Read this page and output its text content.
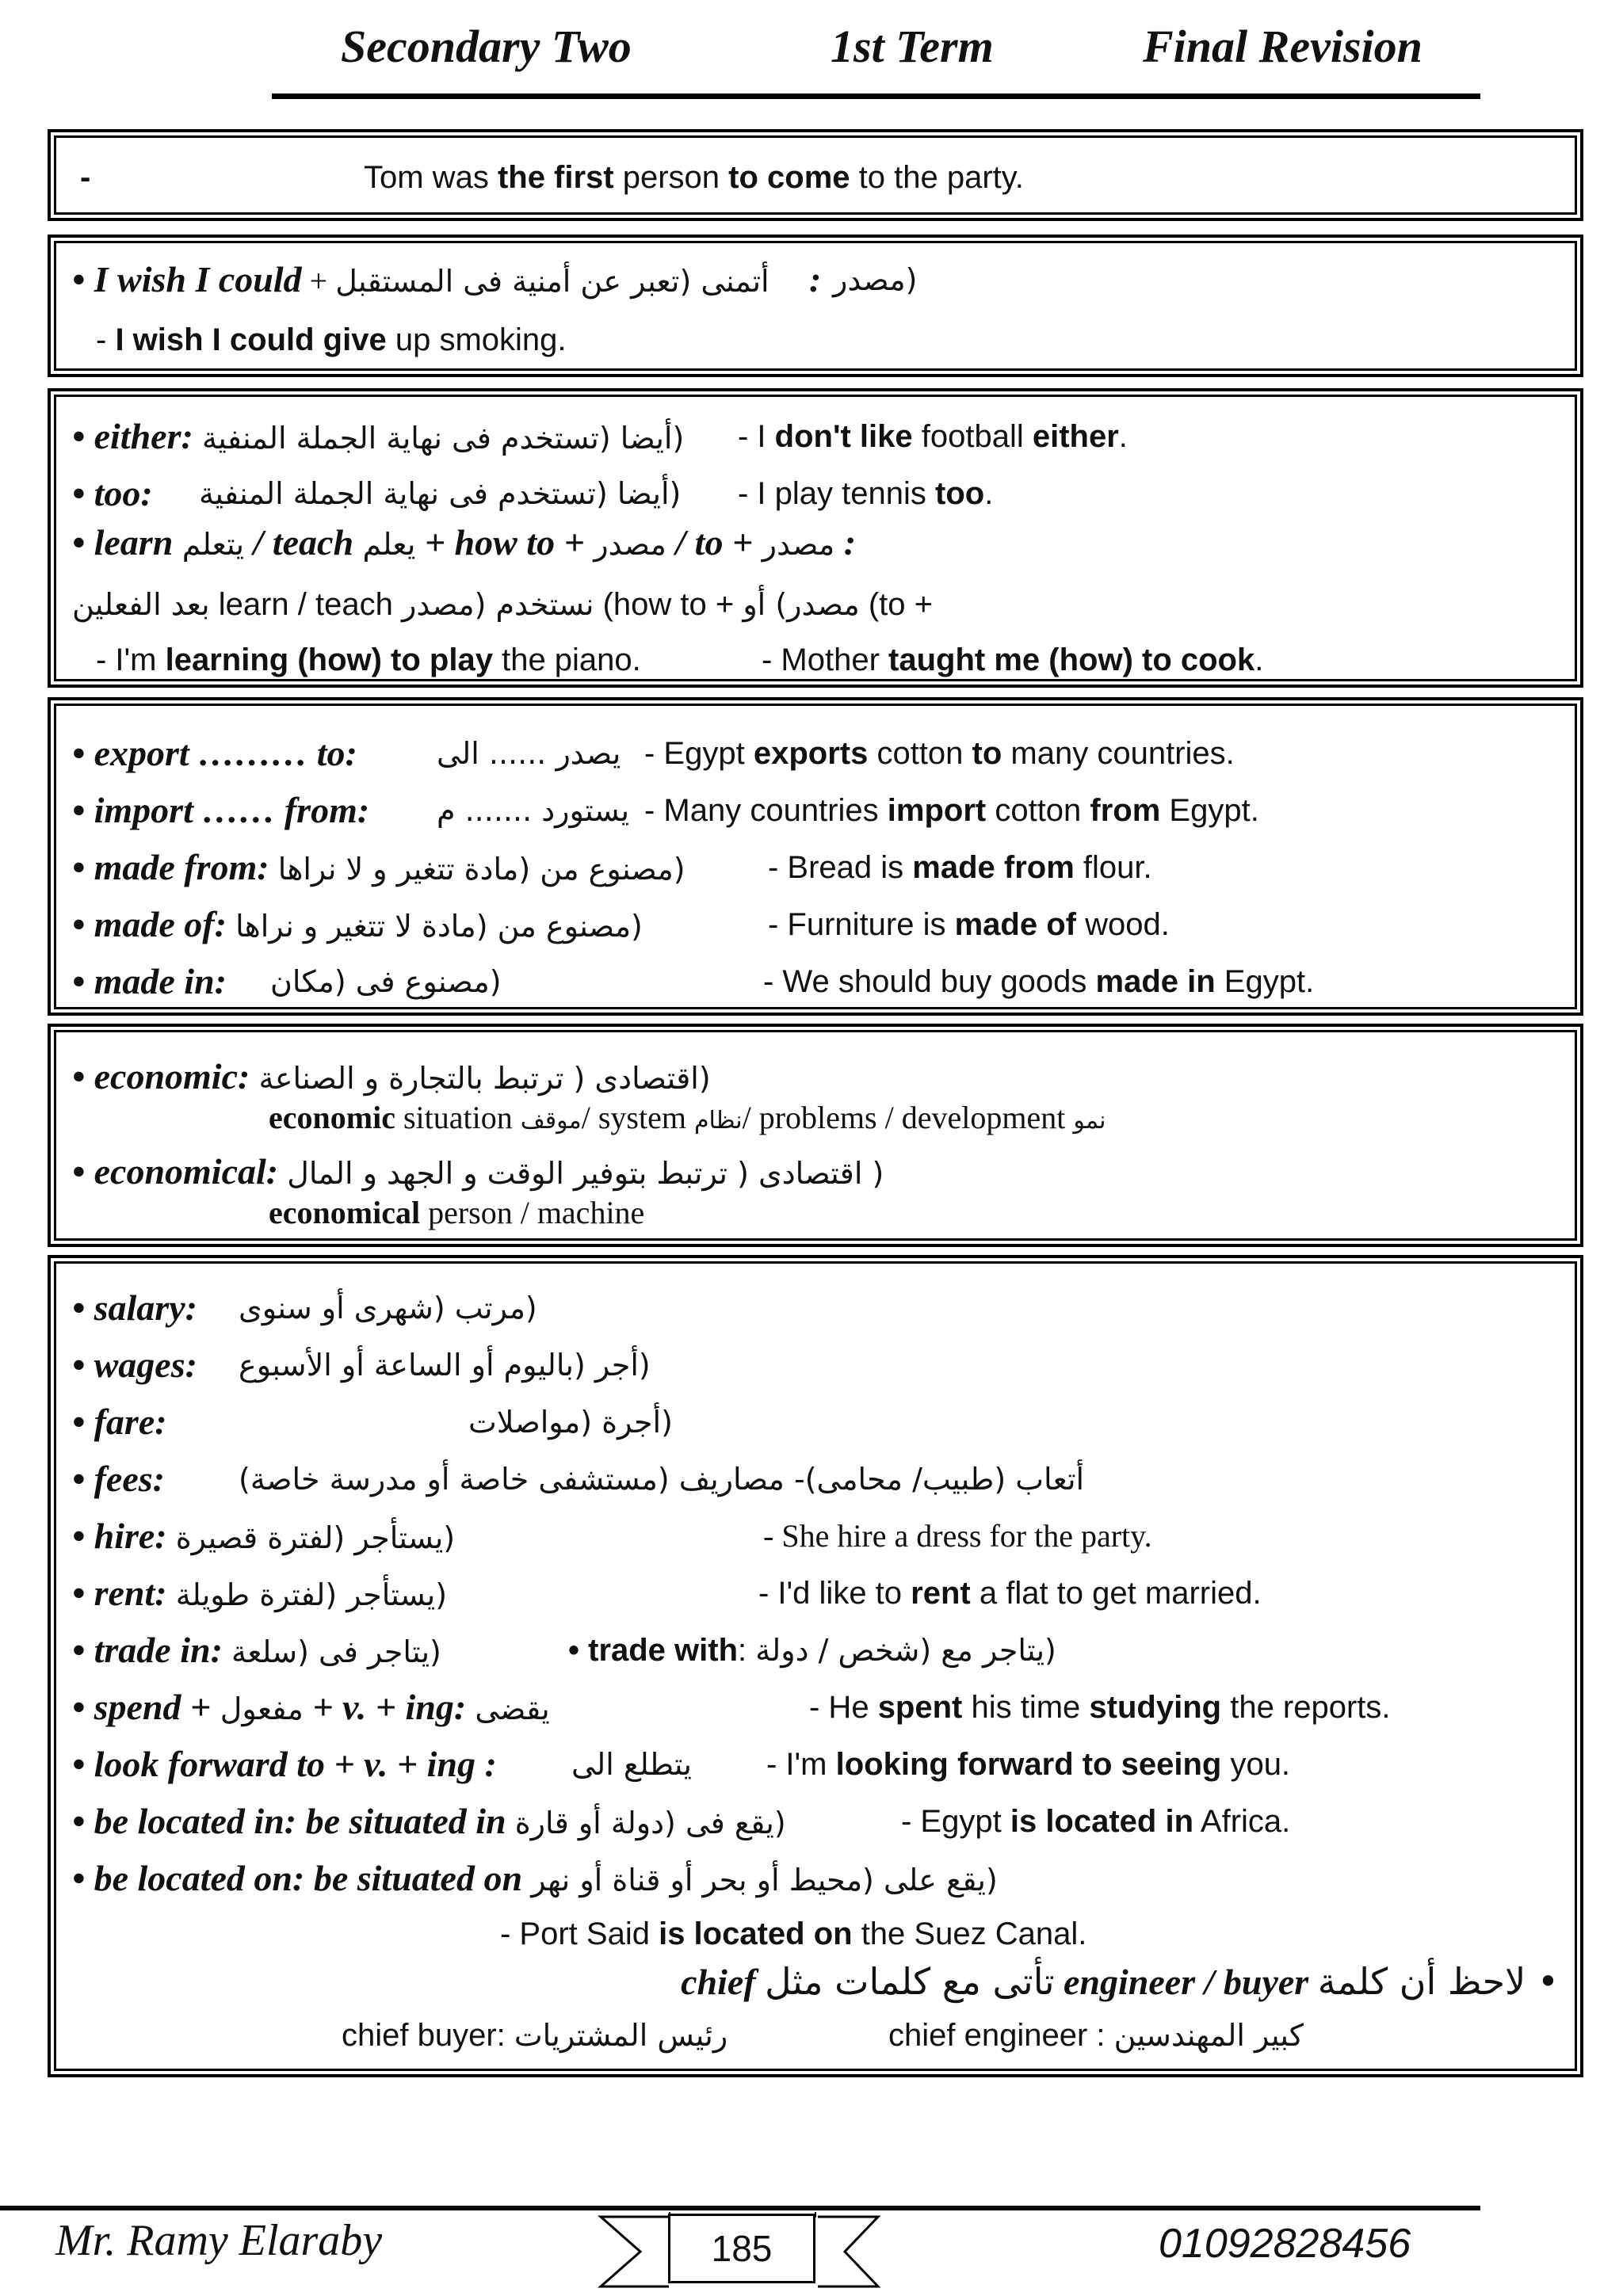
Secondary Two	1st Term	Final Revision
-	Tom was the first person to come to the party.
• I wish I could + أتمنى (تعبر عن أمنية فى المستقبل : (مصدر
- I wish I could give up smoking.
• either: (أيضا (تستخدم فى نهاية الجملة المنفية - I don't like football either.
• too: (أيضا (تستخدم فى نهاية الجملة المنفية - I play tennis too.
• learn يتعلم / teach يعلم + how to + مصدر / to + مصدر :
بعد الفعلين learn / teach نستخدم (مصدر (how to + مصدر) أو (to +
- I'm learning (how) to play the piano.	- Mother taught me (how) to cook.
• export ……… to:	يصدر ...... الى - Egypt exports cotton to many countries.
• import …… from: يستورد ....... م - Many countries import cotton from Egypt.
• made from: (مصنوع من (مادة تتغير و لا نراها	- Bread is made from flour.
• made of: (مصنوع من (مادة لا تتغير و نراها	- Furniture is made of wood.
• made in: (مصنوع فى (مكان	- We should buy goods made in Egypt.
• economic: (اقتصادى ( ترتبط بالتجارة و الصناعة
economic situation موقف/ system نظام/ problems / development نمو
• economical: ( اقتصادى ( ترتبط بتوفير الوقت و الجهد و المال
economical person / machine
• salary: (مرتب (شهرى أو سنوى
• wages: (أجر (باليوم أو الساعة أو الأسبوع
• fare:	(أجرة (مواصلات
• fees: أتعاب (طبيب/ محامى)- مصاريف (مستشفى خاصة أو مدرسة خاصة)
• hire: (يستأجر (لفترة قصيرة	- She hire a dress for the party.
• rent: (يستأجر (لفترة طويلة	- I'd like to rent a flat to get married.
• trade in: (يتاجر فى (سلعة	• trade with: (يتاجر مع (شخص / دولة
• spend + مفعول + v. + ing: يقضى	- He spent his time studying the reports.
• look forward to + v. + ing : يتطلع الى - I'm looking forward to seeing you.
• be located in: be situated in (يقع فى (دولة أو قارة	- Egypt is located in Africa.
• be located on: be situated on (يقع على (محيط أو بحر أو قناة أو نهر
- Port Said is located on the Suez Canal.
• لاحظ أن كلمة chief تأتى مع كلمات مثل engineer / buyer
chief buyer: رئيس المشتريات	chief engineer : كبير المهندسين
Mr. Ramy Elaraby	185	01092828456
